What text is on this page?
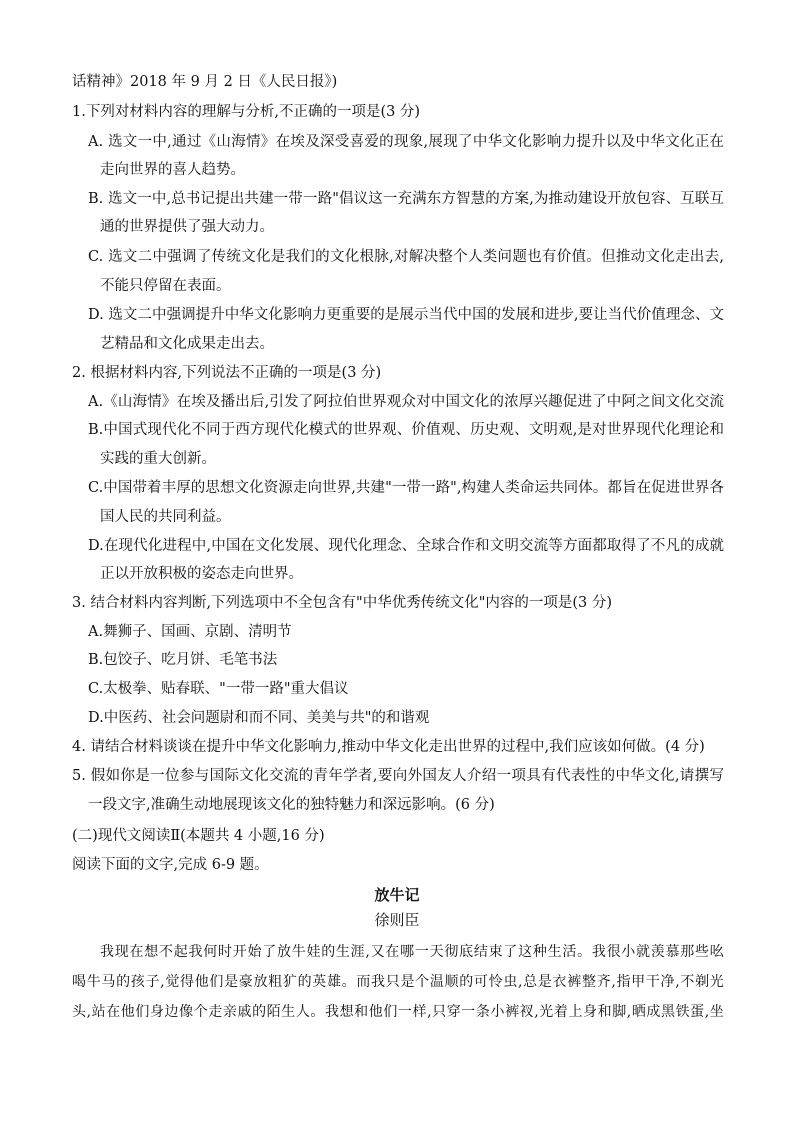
话精神》2018 年 9 月 2 日《人民日报》)
1.下列对材料内容的理解与分析,不正确的一项是(3 分)
A. 选文一中,通过《山海情》在埃及深受喜爱的现象,展现了中华文化影响力提升以及中华文化正在
走向世界的喜人趋势。
B. 选文一中,总书记提出共建一带一路"倡议这一充满东方智慧的方案,为推动建设开放包容、互联互
通的世界提供了强大动力。
C. 选文二中强调了传统文化是我们的文化根脉,对解决整个人类问题也有价值。但推动文化走出去,
不能只停留在表面。
D. 选文二中强调提升中华文化影响力更重要的是展示当代中国的发展和进步,要让当代价值理念、文
艺精品和文化成果走出去。
2. 根据材料内容,下列说法不正确的一项是(3 分)
A.《山海情》在埃及播出后,引发了阿拉伯世界观众对中国文化的浓厚兴趣促进了中阿之间文化交流
B.中国式现代化不同于西方现代化模式的世界观、价值观、历史观、文明观,是对世界现代化理论和
实践的重大创新。
C.中国带着丰厚的思想文化资源走向世界,共建"一带一路",构建人类命运共同体。都旨在促进世界各
国人民的共同利益。
D.在现代化进程中,中国在文化发展、现代化理念、全球合作和文明交流等方面都取得了不凡的成就
正以开放积极的姿态走向世界。
3. 结合材料内容判断,下列选项中不全包含有"中华优秀传统文化"内容的一项是(3 分)
A.舞狮子、国画、京剧、清明节
B.包饺子、吃月饼、毛笔书法
C.太极拳、贴春联、"一带一路"重大倡议
D.中医药、社会问题尉和而不同、美美与共"的和谐观
4. 请结合材料谈谈在提升中华文化影响力,推动中华文化走出世界的过程中,我们应该如何做。(4 分)
5. 假如你是一位参与国际文化交流的青年学者,要向外国友人介绍一项具有代表性的中华文化,请撰写
一段文字,准确生动地展现该文化的独特魅力和深远影响。(6 分)
(二)现代文阅读Ⅱ(本题共 4 小题,16 分)
阅读下面的文字,完成 6-9 题。
放牛记
徐则臣
我现在想不起我何时开始了放牛娃的生涯,又在哪一天彻底结束了这种生活。我很小就羡慕那些吆
喝牛马的孩子,觉得他们是豪放粗犷的英雄。而我只是个温顺的可怜虫,总是衣裤整齐,指甲干净,不剃光
头,站在他们身边像个走亲戚的陌生人。我想和他们一样,只穿一条小裤衩,光着上身和脚,晒成黑铁蛋,坐
